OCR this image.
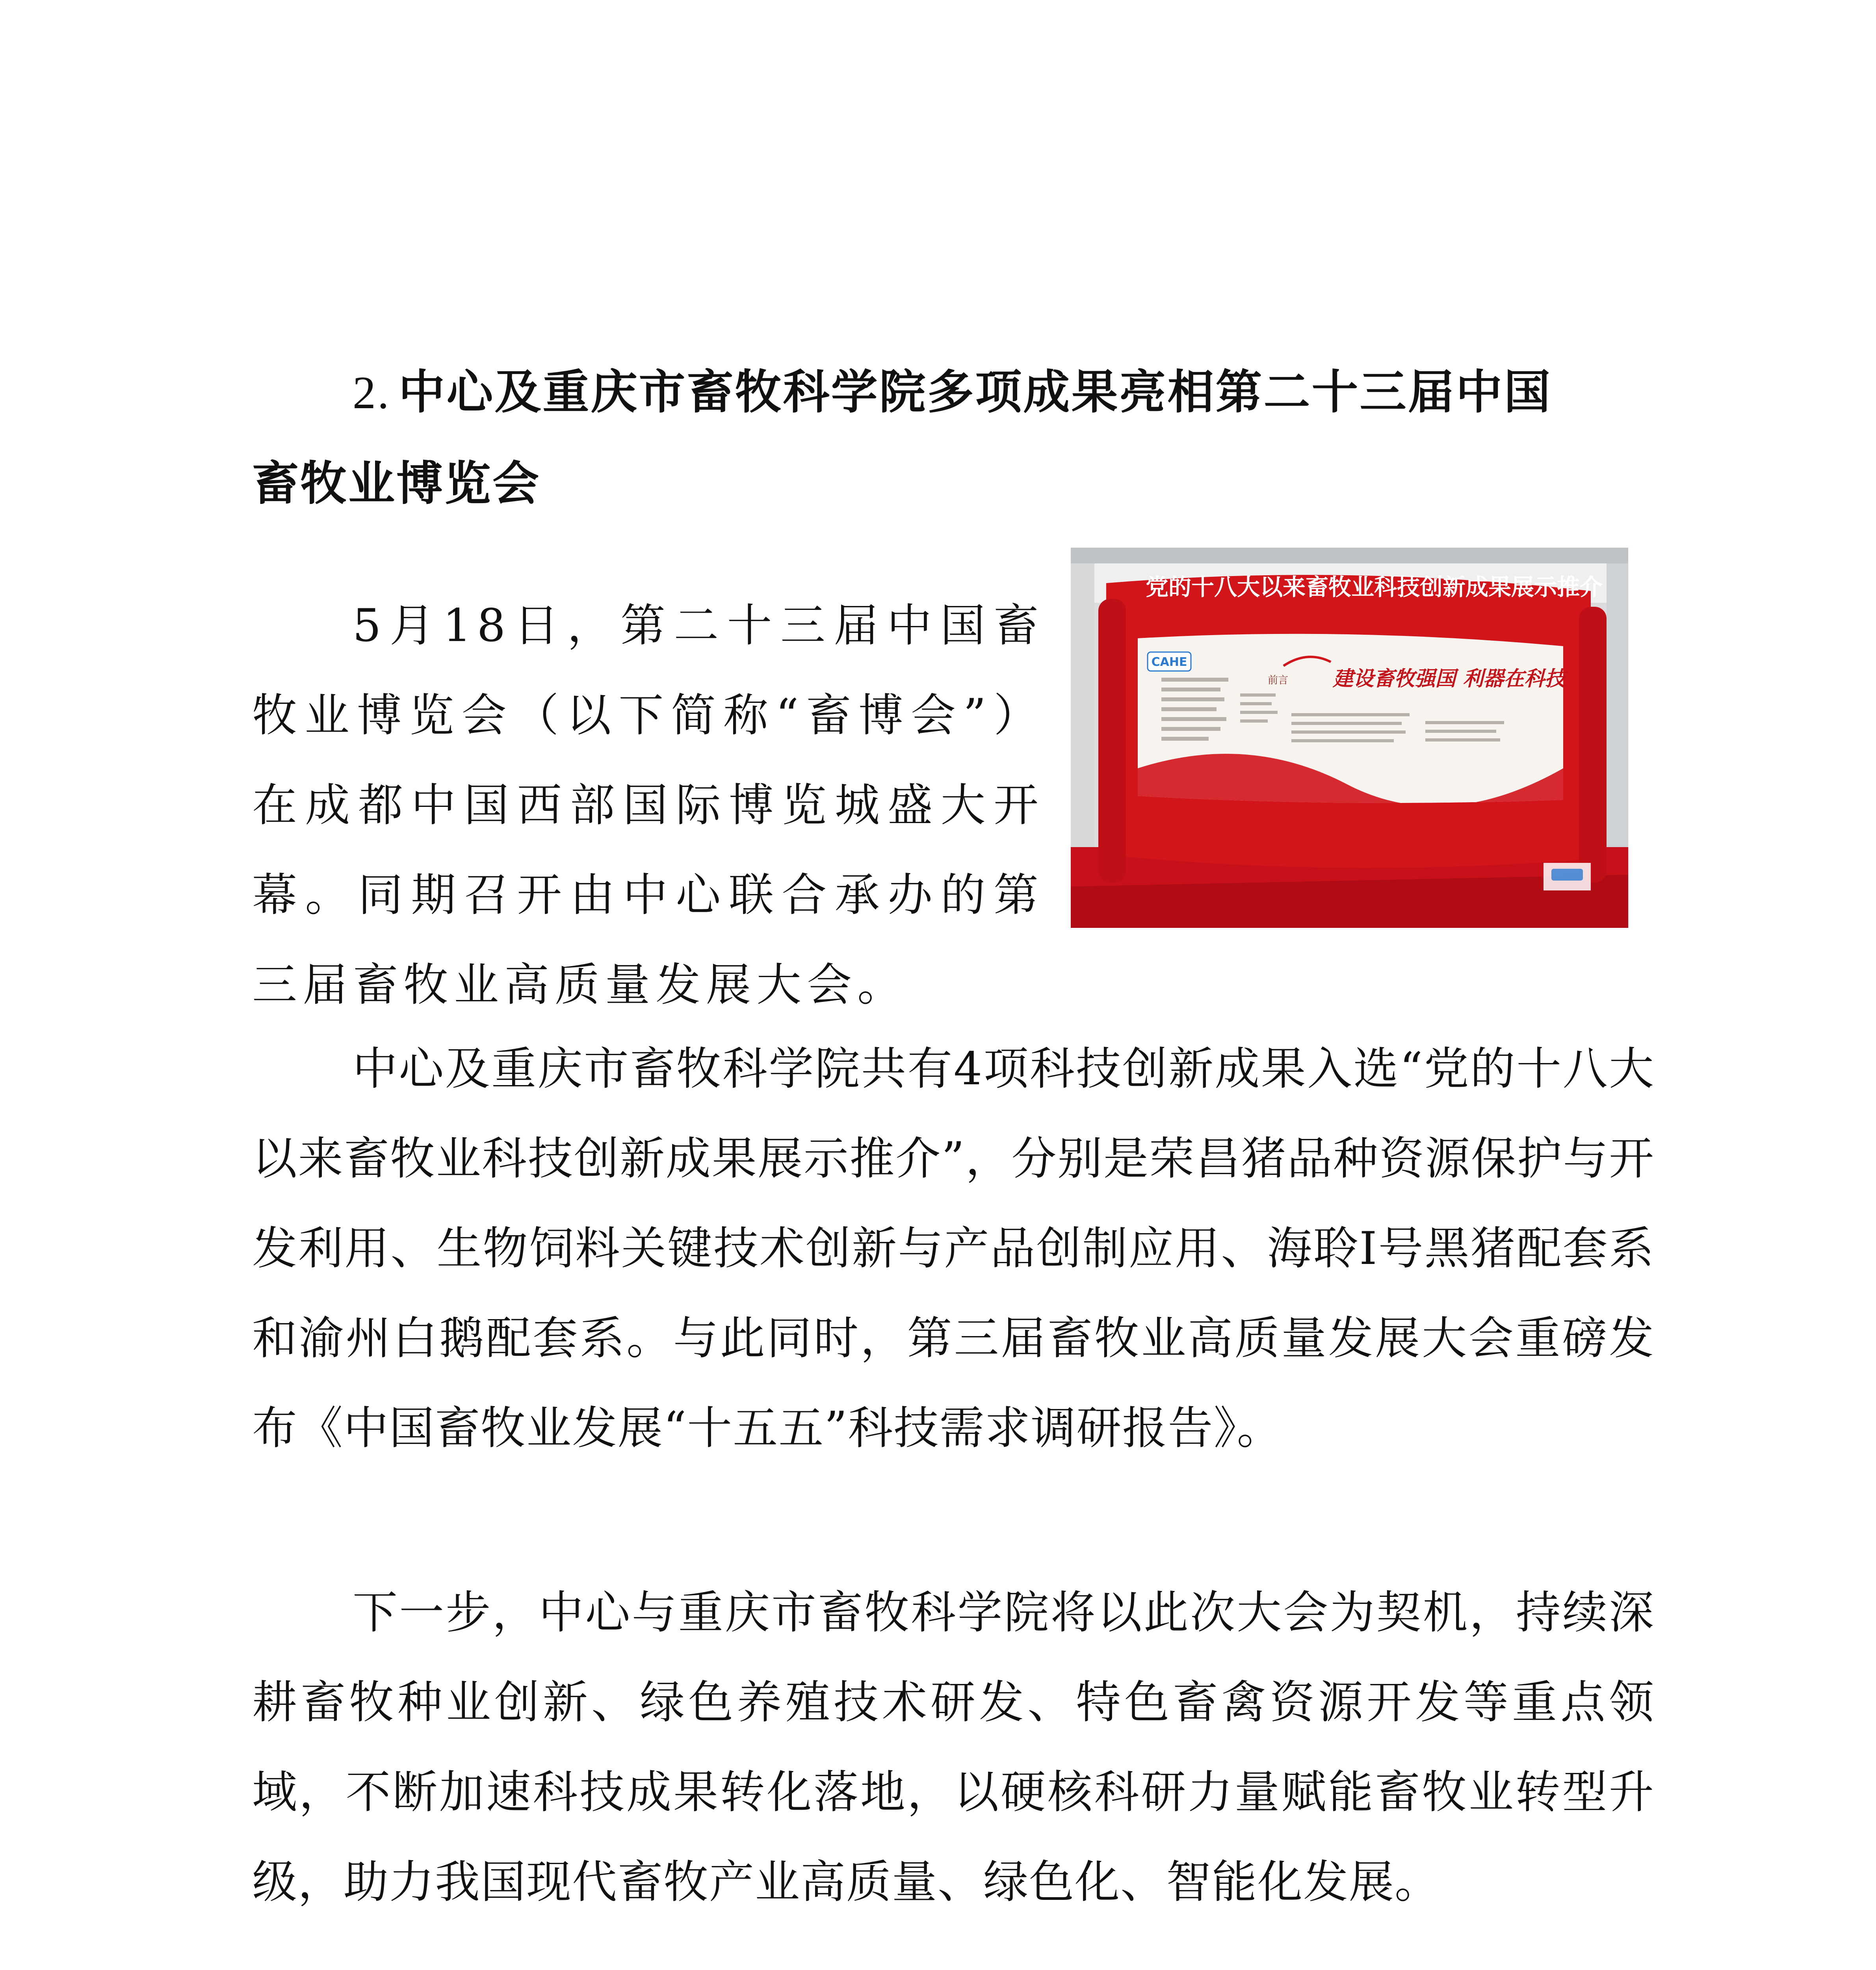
2. 中心及重庆市畜牧科学院多项成果亮相第二十三届中国
畜牧业博览会

5月18日，第二十三届中国畜牧业博览会（以下简称“畜博会”）在成都中国西部国际博览城盛大开幕。同期召开由中心联合承办的第三届畜牧业高质量发展大会。

CAHE
前言 建设畜牧强国 利器在科技
党的十八大以来畜牧业科技创新成果展示推介

中心及重庆市畜牧科学院共有4项科技创新成果入选“党的十八大以来畜牧业科技创新成果展示推介”，分别是荣昌猪品种资源保护与开发利用、生物饲料关键技术创新与产品创制应用、海聆I号黑猪配套系和渝州白鹅配套系。与此同时，第三届畜牧业高质量发展大会重磅发布《中国畜牧业发展“十五五”科技需求调研报告》。

下一步，中心与重庆市畜牧科学院将以此次大会为契机，持续深耕畜牧种业创新、绿色养殖技术研发、特色畜禽资源开发等重点领域，不断加速科技成果转化落地，以硬核科研力量赋能畜牧业转型升级，助力我国现代畜牧产业高质量、绿色化、智能化发展。
